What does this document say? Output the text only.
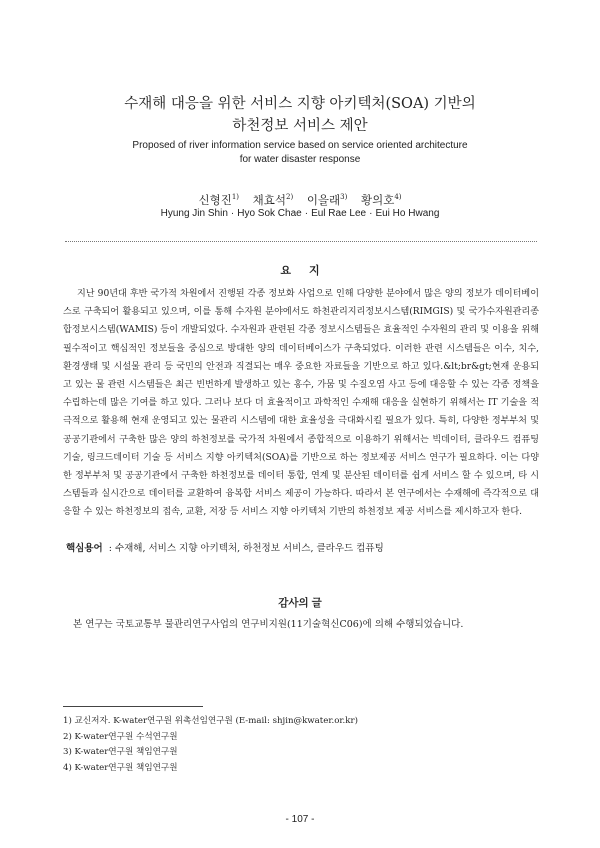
수재해 대응을 위한 서비스 지향 아키텍처(SOA) 기반의
하천정보 서비스 제안
Proposed of river information service based on service oriented architecture
for water disaster response
신형진$^{1)}$ 채효석$^{2)}$ 이을래$^{3)}$ 황의호$^{4)}$
Hyung Jin Shin · Hyo Sok Chae · Eul Rae Lee · Eui Ho Hwang
요지

지난 90년대 후반 국가적 차원에서 진행된 각종 정보화 사업으로 인해 다양한 분야에서 많은 양의 정보가 데이터베이스로 구축되어 활용되고 있으며, 이를 통해 수자원 분야에서도 하천관리지리정보시스템(RIMGIS) 및 국가수자원관리종합정보시스템(WAMIS) 등이 개발되었다. 수자원과 관련된 각종 정보시스템들은 효율적인 수자원의 관리 및 이용을 위해 필수적이고 핵심적인 정보들을 중심으로 방대한 양의 데이터베이스가 구축되었다. 이러한 관련 시스템들은 이수, 치수, 환경생태 및 시설물 관리 등 국민의 안전과 직결되는 매우 중요한 자료들을 기반으로 하고 있다.&lt;br&gt;현재 운용되고 있는 물 관련 시스템들은 최근 빈번하게 발생하고 있는 홍수, 가뭄 및 수질오염 사고 등에 대응할 수 있는 각종 정책을 수립하는데 많은 기여를 하고 있다. 그러나 보다 더 효율적이고 과학적인 수재해 대응을 실현하기 위해서는 IT 기술을 적극적으로 활용해 현재 운영되고 있는 물관리 시스템에 대한 효율성을 극대화시킬 필요가 있다. 특히, 다양한 정부부처 및 공공기관에서 구축한 많은 양의 하천정보를 국가적 차원에서 종합적으로 이용하기 위해서는 빅데이터, 클라우드 컴퓨팅 기술, 링크드데이터 기술 등 서비스 지향 아키텍처(SOA)를 기반으로 하는 정보제공 서비스 연구가 필요하다. 이는 다양한 정부부처 및 공공기관에서 구축한 하천정보를 데이터 통합, 연계 및 분산된 데이터를 쉽게 서비스 할 수 있으며, 타 시스템들과 실시간으로 데이터를 교환하여 융복합 서비스 제공이 가능하다. 따라서 본 연구에서는 수재해에 즉각적으로 대응할 수 있는 하천정보의 접속, 교환, 저장 등 서비스 지향 아키텍처 기반의 하천정보 제공 서비스를 제시하고자 한다.

핵심용어 : 수재해, 서비스 지향 아키텍처, 하천정보 서비스, 클라우드 컴퓨팅
감사의 글
본 연구는 국토교통부 물관리연구사업의 연구비지원(11기술혁신C06)에 의해 수행되었습니다.
1) 교신저자. K-water연구원 위촉선임연구원 (E-mail: shjin@kwater.or.kr)
2) K-water연구원 수석연구원
3) K-water연구원 책임연구원
4) K-water연구원 책임연구원
- 107 -
